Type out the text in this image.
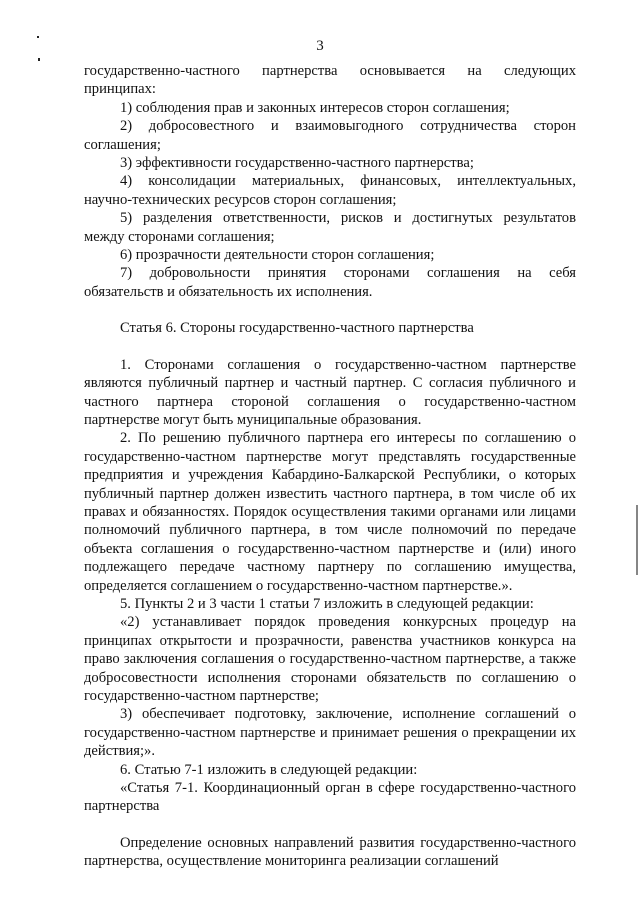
3

государственно-частного партнерства основывается на следующих принципах:

1) соблюдения прав и законных интересов сторон соглашения;

2) добросовестного и взаимовыгодного сотрудничества сторон соглашения;

3) эффективности государственно-частного партнерства;

4) консолидации материальных, финансовых, интеллектуальных, научно-технических ресурсов сторон соглашения;

5) разделения ответственности, рисков и достигнутых результатов между сторонами соглашения;

6) прозрачности деятельности сторон соглашения;

7) добровольности принятия сторонами соглашения на себя обязательств и обязательность их исполнения.

Статья 6. Стороны государственно-частного партнерства

1. Сторонами соглашения о государственно-частном партнерстве являются публичный партнер и частный партнер. С согласия публичного и частного партнера стороной соглашения о государственно-частном партнерстве могут быть муниципальные образования.

2. По решению публичного партнера его интересы по соглашению о государственно-частном партнерстве могут представлять государственные предприятия и учреждения Кабардино-Балкарской Республики, о которых публичный партнер должен известить частного партнера, в том числе об их правах и обязанностях. Порядок осуществления такими органами или лицами полномочий публичного партнера, в том числе полномочий по передаче объекта соглашения о государственно-частном партнерстве и (или) иного подлежащего передаче частному партнеру по соглашению имущества, определяется соглашением о государственно-частном партнерстве.».

5. Пункты 2 и 3 части 1 статьи 7 изложить в следующей редакции:

«2) устанавливает порядок проведения конкурсных процедур на принципах открытости и прозрачности, равенства участников конкурса на право заключения соглашения о государственно-частном партнерстве, а также добросовестности исполнения сторонами обязательств по соглашению о государственно-частном партнерстве;

3) обеспечивает подготовку, заключение, исполнение соглашений о государственно-частном партнерстве и принимает решения о прекращении их действия;».

6. Статью 7-1 изложить в следующей редакции:

«Статья 7-1. Координационный орган в сфере государственно-частного партнерства

Определение основных направлений развития государственно-частного партнерства, осуществление мониторинга реализации соглашений
